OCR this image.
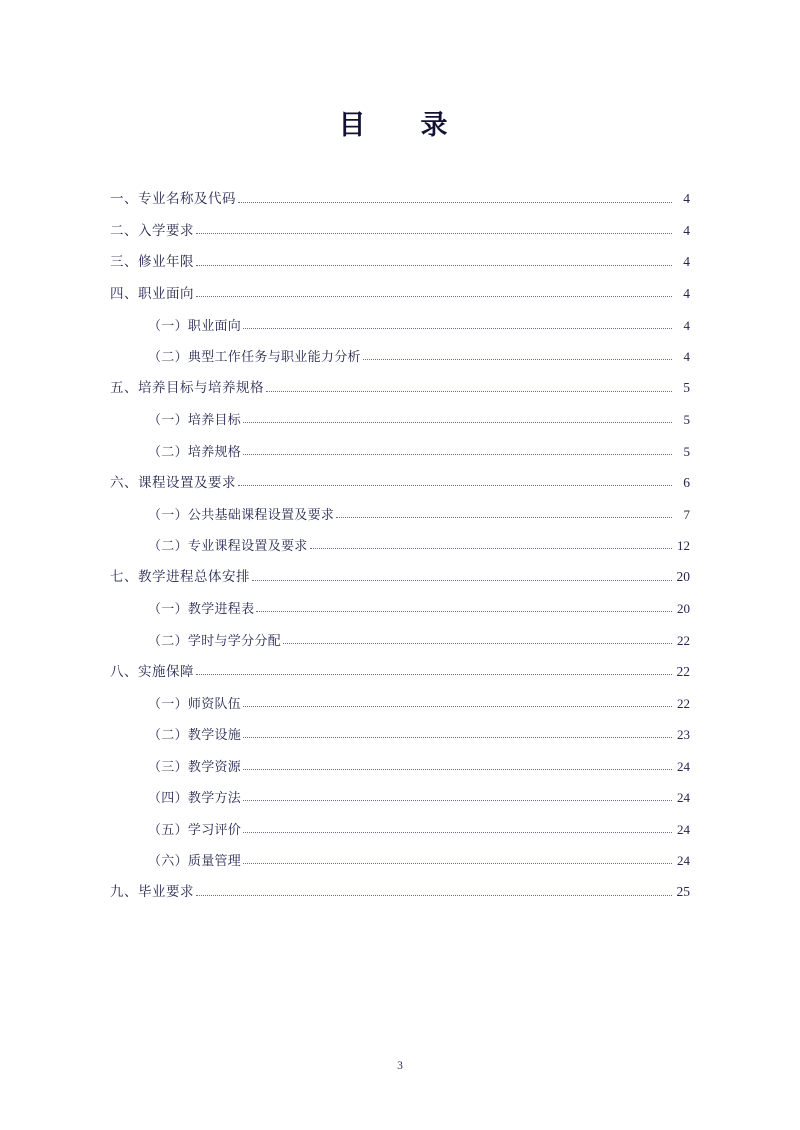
目　录
一、专业名称及代码	4
二、入学要求	4
三、修业年限	4
四、职业面向	4
（一）职业面向	4
（二）典型工作任务与职业能力分析	4
五、培养目标与培养规格	5
（一）培养目标	5
（二）培养规格	5
六、课程设置及要求	6
（一）公共基础课程设置及要求	7
（二）专业课程设置及要求	12
七、教学进程总体安排	20
（一）教学进程表	20
（二）学时与学分分配	22
八、实施保障	22
（一）师资队伍	22
（二）教学设施	23
（三）教学资源	24
（四）教学方法	24
（五）学习评价	24
（六）质量管理	24
九、毕业要求	25
3
